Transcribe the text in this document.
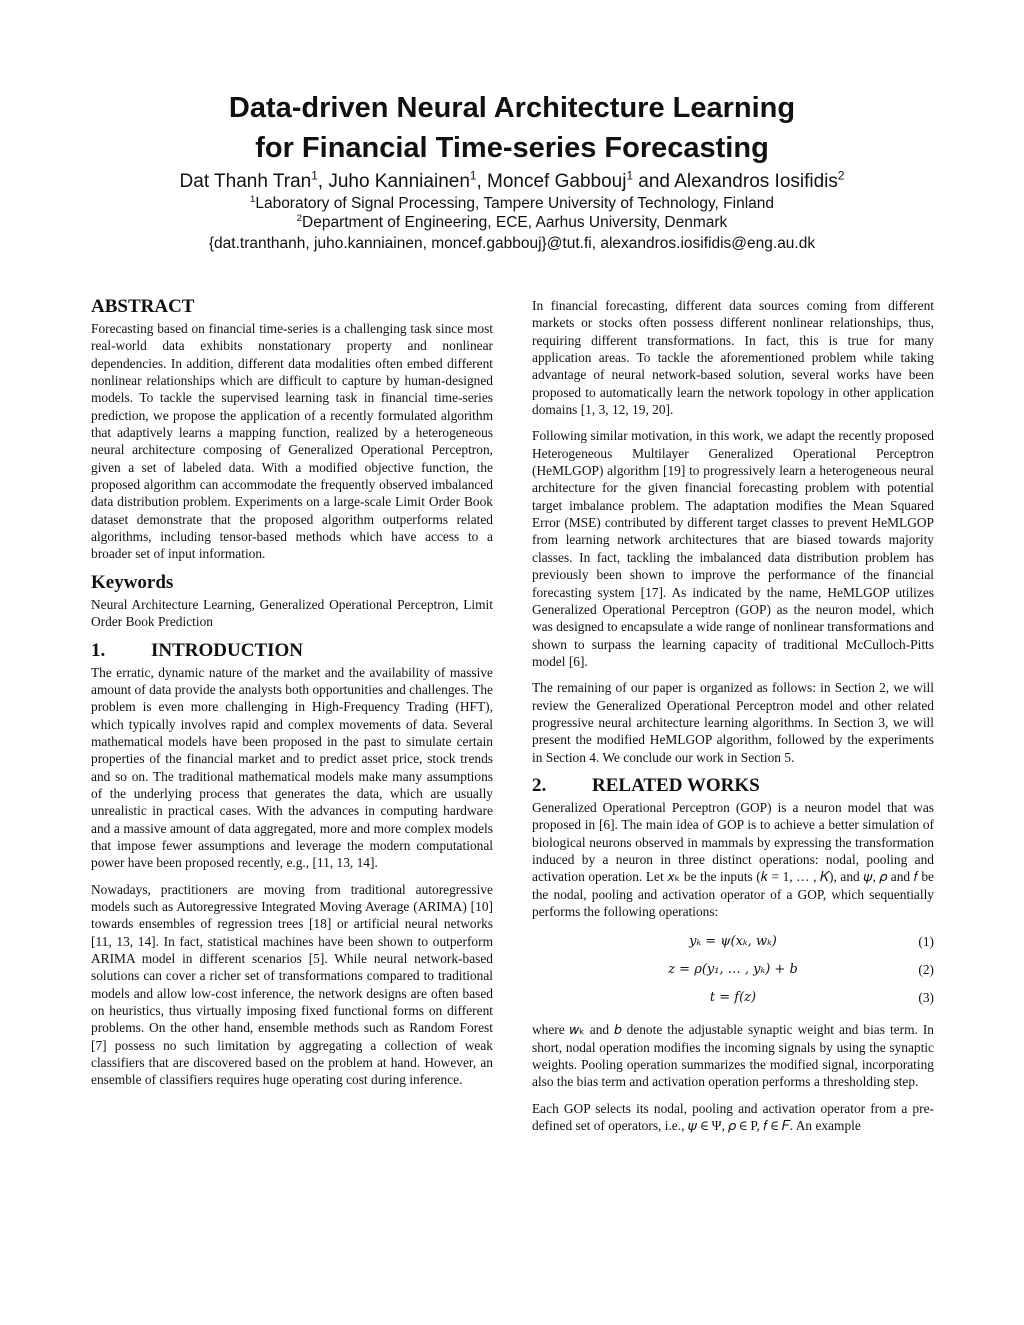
Data-driven Neural Architecture Learning
for Financial Time-series Forecasting
Dat Thanh Tran$^1$, Juho Kanniainen$^1$, Moncef Gabbouj$^1$ and Alexandros Iosifidis$^2$
$^1$Laboratory of Signal Processing, Tampere University of Technology, Finland
$^2$Department of Engineering, ECE, Aarhus University, Denmark
{dat.tranthanh, juho.kanniainen, moncef.gabbouj}@tut.fi, alexandros.iosifidis@eng.au.dk
ABSTRACT

Forecasting based on financial time-series is a challenging task since most real-world data exhibits nonstationary property and nonlinear dependencies. In addition, different data modalities often embed different nonlinear relationships which are difficult to capture by human-designed models. To tackle the supervised learning task in financial time-series prediction, we propose the application of a recently formulated algorithm that adaptively learns a mapping function, realized by a heterogeneous neural architecture composing of Generalized Operational Perceptron, given a set of labeled data. With a modified objective function, the proposed algorithm can accommodate the frequently observed imbalanced data distribution problem. Experiments on a large-scale Limit Order Book dataset demonstrate that the proposed algorithm outperforms related algorithms, including tensor-based methods which have access to a broader set of input information.

Keywords

Neural Architecture Learning, Generalized Operational Perceptron, Limit Order Book Prediction

1. INTRODUCTION

The erratic, dynamic nature of the market and the availability of massive amount of data provide the analysts both opportunities and challenges. The problem is even more challenging in High-Frequency Trading (HFT), which typically involves rapid and complex movements of data. Several mathematical models have been proposed in the past to simulate certain properties of the financial market and to predict asset price, stock trends and so on. The traditional mathematical models make many assumptions of the underlying process that generates the data, which are usually unrealistic in practical cases. With the advances in computing hardware and a massive amount of data aggregated, more and more complex models that impose fewer assumptions and leverage the modern computational power have been proposed recently, e.g., [11, 13, 14].

Nowadays, practitioners are moving from traditional autoregressive models such as Autoregressive Integrated Moving Average (ARIMA) [10] towards ensembles of regression trees [18] or artificial neural networks [11, 13, 14]. In fact, statistical machines have been shown to outperform ARIMA model in different scenarios [5]. While neural network-based solutions can cover a richer set of transformations compared to traditional models and allow low-cost inference, the network designs are often based on heuristics, thus virtually imposing fixed functional forms on different problems. On the other hand, ensemble methods such as Random Forest [7] possess no such limitation by aggregating a collection of weak classifiers that are discovered based on the problem at hand. However, an ensemble of classifiers requires huge operating cost during inference.

In financial forecasting, different data sources coming from different markets or stocks often possess different nonlinear relationships, thus, requiring different transformations. In fact, this is true for many application areas. To tackle the aforementioned problem while taking advantage of neural network-based solution, several works have been proposed to automatically learn the network topology in other application domains [1, 3, 12, 19, 20].

Following similar motivation, in this work, we adapt the recently proposed Heterogeneous Multilayer Generalized Operational Perceptron (HeMLGOP) algorithm [19] to progressively learn a heterogeneous neural architecture for the given financial forecasting problem with potential target imbalance problem. The adaptation modifies the Mean Squared Error (MSE) contributed by different target classes to prevent HeMLGOP from learning network architectures that are biased towards majority classes. In fact, tackling the imbalanced data distribution problem has previously been shown to improve the performance of the financial forecasting system [17]. As indicated by the name, HeMLGOP utilizes Generalized Operational Perceptron (GOP) as the neuron model, which was designed to encapsulate a wide range of nonlinear transformations and shown to surpass the learning capacity of traditional McCulloch-Pitts model [6].

The remaining of our paper is organized as follows: in Section 2, we will review the Generalized Operational Perceptron model and other related progressive neural architecture learning algorithms. In Section 3, we will present the modified HeMLGOP algorithm, followed by the experiments in Section 4. We conclude our work in Section 5.

2. RELATED WORKS

Generalized Operational Perceptron (GOP) is a neuron model that was proposed in [6]. The main idea of GOP is to achieve a better simulation of biological neurons observed in mammals by expressing the transformation induced by a neuron in three distinct operations: nodal, pooling and activation operation. Let 𝑥ₖ be the inputs (𝑘 = 1, … , 𝐾), and 𝜓, 𝜌 and 𝑓 be the nodal, pooling and activation operator of a GOP, which sequentially performs the following operations:

𝑦ₖ = 𝜓(𝑥ₖ, 𝑤ₖ)	(1)
𝑧 = 𝜌(𝑦₁, … , 𝑦ₖ) + 𝑏	(2)
𝑡 = 𝑓(𝑧)	(3)

where 𝑤ₖ and 𝑏 denote the adjustable synaptic weight and bias term. In short, nodal operation modifies the incoming signals by using the synaptic weights. Pooling operation summarizes the modified signal, incorporating also the bias term and activation operation performs a thresholding step.

Each GOP selects its nodal, pooling and activation operator from a pre-defined set of operators, i.e., 𝜓 ∈ Ψ, 𝜌 ∈ P, 𝑓 ∈ 𝐹. An example
